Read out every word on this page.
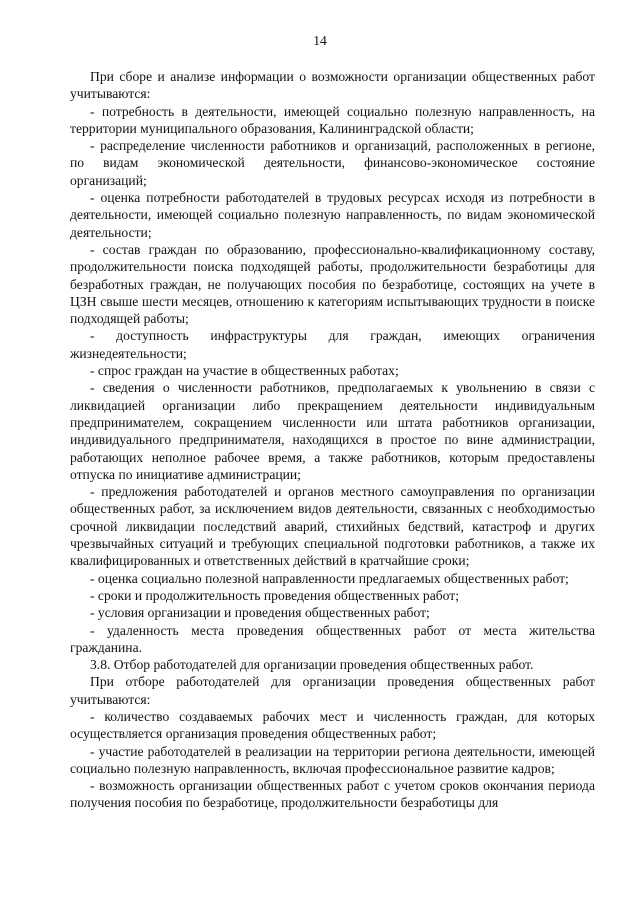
14

При сборе и анализе информации о возможности организации общественных работ учитываются:

- потребность в деятельности, имеющей социально полезную направленность, на территории муниципального образования, Калининградской области;

- распределение численности работников и организаций, расположенных в регионе, по видам экономической деятельности, финансово-экономическое состояние организаций;

- оценка потребности работодателей в трудовых ресурсах исходя из потребности в деятельности, имеющей социально полезную направленность, по видам экономической деятельности;

- состав граждан по образованию, профессионально-квалификационному составу, продолжительности поиска подходящей работы, продолжительности безработицы для безработных граждан, не получающих пособия по безработице, состоящих на учете в ЦЗН свыше шести месяцев, отношению к категориям испытывающих трудности в поиске подходящей работы;

- доступность инфраструктуры для граждан, имеющих ограничения жизнедеятельности;

- спрос граждан на участие в общественных работах;

- сведения о численности работников, предполагаемых к увольнению в связи с ликвидацией организации либо прекращением деятельности индивидуальным предпринимателем, сокращением численности или штата работников организации, индивидуального предпринимателя, находящихся в простое по вине администрации, работающих неполное рабочее время, а также работников, которым предоставлены отпуска по инициативе администрации;

- предложения работодателей и органов местного самоуправления по организации общественных работ, за исключением видов деятельности, связанных с необходимостью срочной ликвидации последствий аварий, стихийных бедствий, катастроф и других чрезвычайных ситуаций и требующих специальной подготовки работников, а также их квалифицированных и ответственных действий в кратчайшие сроки;

- оценка социально полезной направленности предлагаемых общественных работ;

- сроки и продолжительность проведения общественных работ;

- условия организации и проведения общественных работ;

- удаленность места проведения общественных работ от места жительства гражданина.

3.8. Отбор работодателей для организации проведения общественных работ.

При отборе работодателей для организации проведения общественных работ учитываются:

- количество создаваемых рабочих мест и численность граждан, для которых осуществляется организация проведения общественных работ;

- участие работодателей в реализации на территории региона деятельности, имеющей социально полезную направленность, включая профессиональное развитие кадров;

- возможность организации общественных работ с учетом сроков окончания периода получения пособия по безработице, продолжительности безработицы для
